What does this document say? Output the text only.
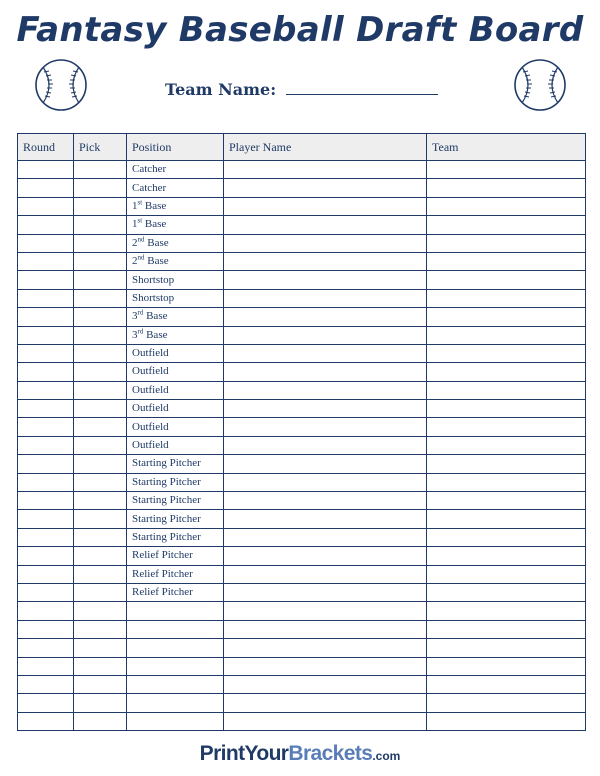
Fantasy Baseball Draft Board
Team Name:
Round	Pick	Position	Player Name	Team
		Catcher		
		Catcher		
		1st Base		
		1st Base		
		2nd Base		
		2nd Base		
		Shortstop		
		Shortstop		
		3rd Base		
		3rd Base		
		Outfield		
		Outfield		
		Outfield		
		Outfield		
		Outfield		
		Outfield		
		Starting Pitcher		
		Starting Pitcher		
		Starting Pitcher		
		Starting Pitcher		
		Starting Pitcher		
		Relief Pitcher		
		Relief Pitcher		
		Relief Pitcher		

PrintYourBrackets.com
